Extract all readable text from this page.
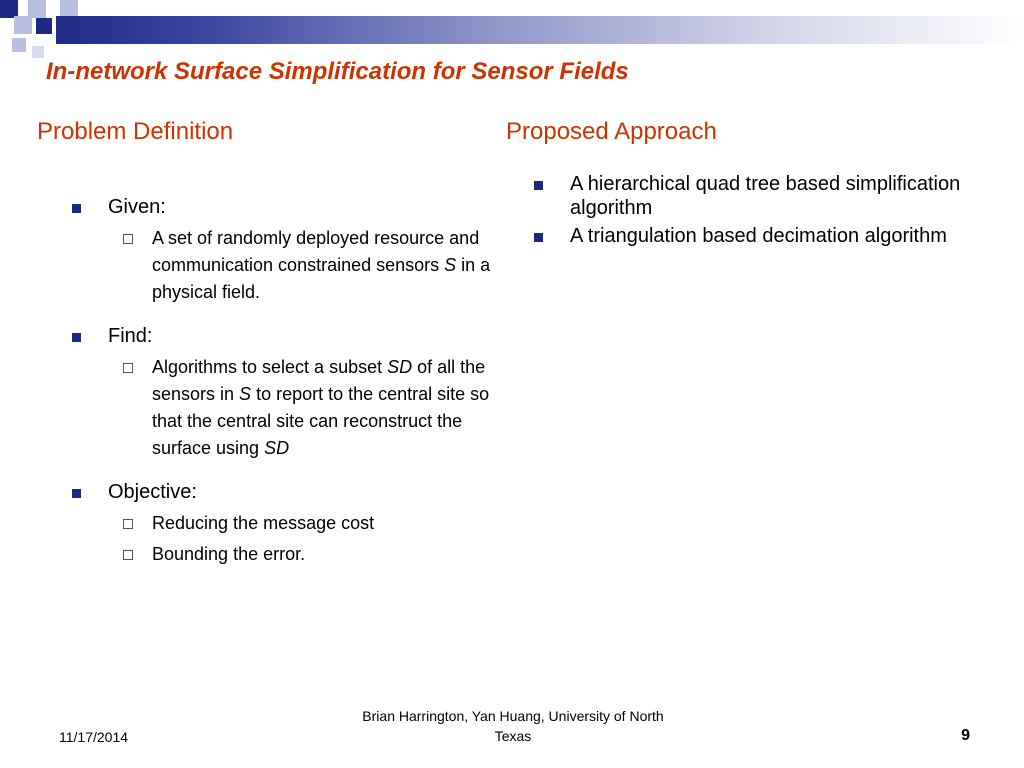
In-network Surface Simplification for Sensor Fields
Problem Definition	Proposed Approach
Given:
A set of randomly deployed resource and communication constrained sensors S in a physical field.
Find:
Algorithms to select a subset SD of all the sensors in S to report to the central site so that the central site can reconstruct the surface using SD
Objective:
Reducing the message cost
Bounding the error.
A hierarchical quad tree based simplification algorithm
A triangulation based decimation algorithm
11/17/2014
Brian Harrington, Yan Huang, University of North Texas	9
